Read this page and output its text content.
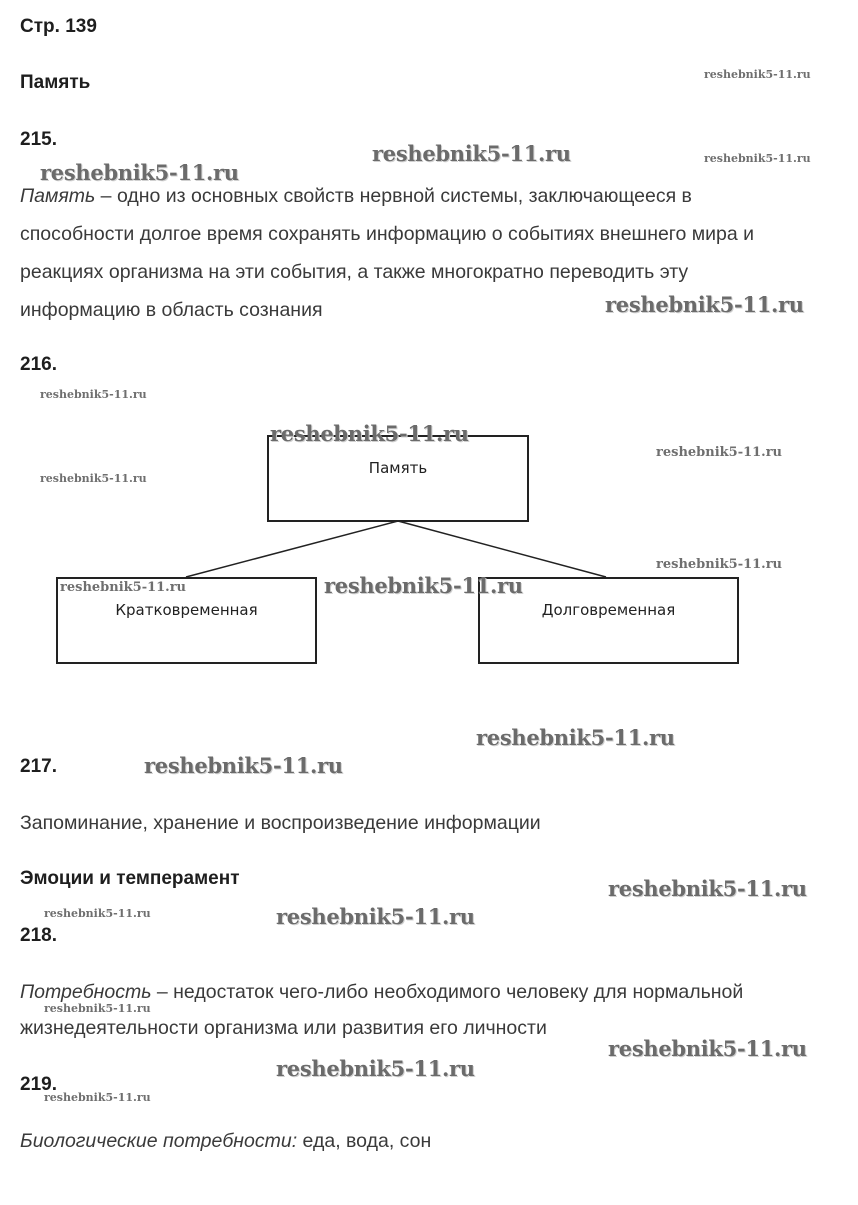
Стр. 139
Память
215.
Память – одно из основных свойств нервной системы, заключающееся в
способности долгое время сохранять информацию о событиях внешнего мира и
реакциях организма на эти события, а также многократно переводить эту
информацию в область сознания
216.
Память
Кратковременная	Долговременная
217.
Запоминание, хранение и воспроизведение информации
Эмоции и темперамент
218.
Потребность – недостаток чего-либо необходимого человеку для нормальной
жизнедеятельности организма или развития его личности
219.
Биологические потребности: еда, вода, сон
reshebnik5-11.ru
reshebnik5-11.ru	reshebnik5-11.ru
reshebnik5-11.ru
reshebnik5-11.ru
reshebnik5-11.ru
reshebnik5-11.ru
reshebnik5-11.ru
reshebnik5-11.ru
reshebnik5-11.ru
reshebnik5-11.ru
reshebnik5-11.ru
reshebnik5-11.ru
reshebnik5-11.ru
reshebnik5-11.ru
reshebnik5-11.ru	reshebnik5-11.ru
reshebnik5-11.ru
reshebnik5-11.ru
reshebnik5-11.ru
reshebnik5-11.ru
